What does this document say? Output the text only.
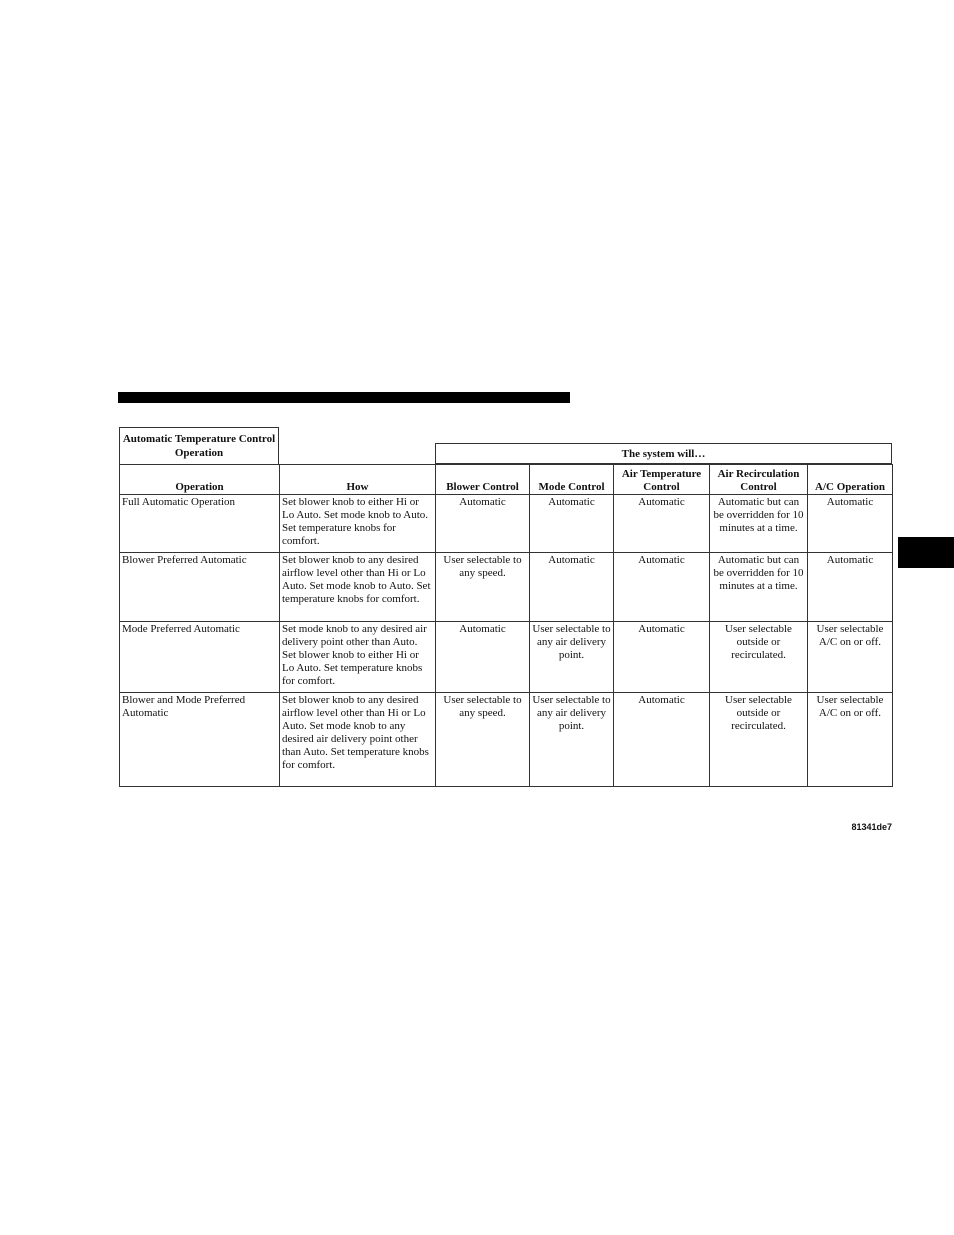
Automatic Temperature Control Operation	The system will…
Operation	How	Blower Control	Mode Control	Air Temperature Control	Air Recirculation Control	A/C Operation
Full Automatic Operation	Set blower knob to either Hi or Lo Auto. Set mode knob to Auto. Set temperature knobs for comfort.	Automatic	Automatic	Automatic	Automatic but can be overridden for 10 minutes at a time.	Automatic
Blower Preferred Automatic	Set blower knob to any desired airflow level other than Hi or Lo Auto. Set mode knob to Auto. Set temperature knobs for comfort.	User selectable to any speed.	Automatic	Automatic	Automatic but can be overridden for 10 minutes at a time.	Automatic
Mode Preferred Automatic	Set mode knob to any desired air delivery point other than Auto. Set blower knob to either Hi or Lo Auto. Set temperature knobs for comfort.	Automatic	User selectable to any air delivery point.	Automatic	User selectable outside or recirculated.	User selectable A/C on or off.
Blower and Mode Preferred Automatic	Set blower knob to any desired airflow level other than Hi or Lo Auto. Set mode knob to any desired air delivery point other than Auto. Set temperature knobs for comfort.	User selectable to any speed.	User selectable to any air delivery point.	Automatic	User selectable outside or recirculated.	User selectable A/C on or off.
81341de7
